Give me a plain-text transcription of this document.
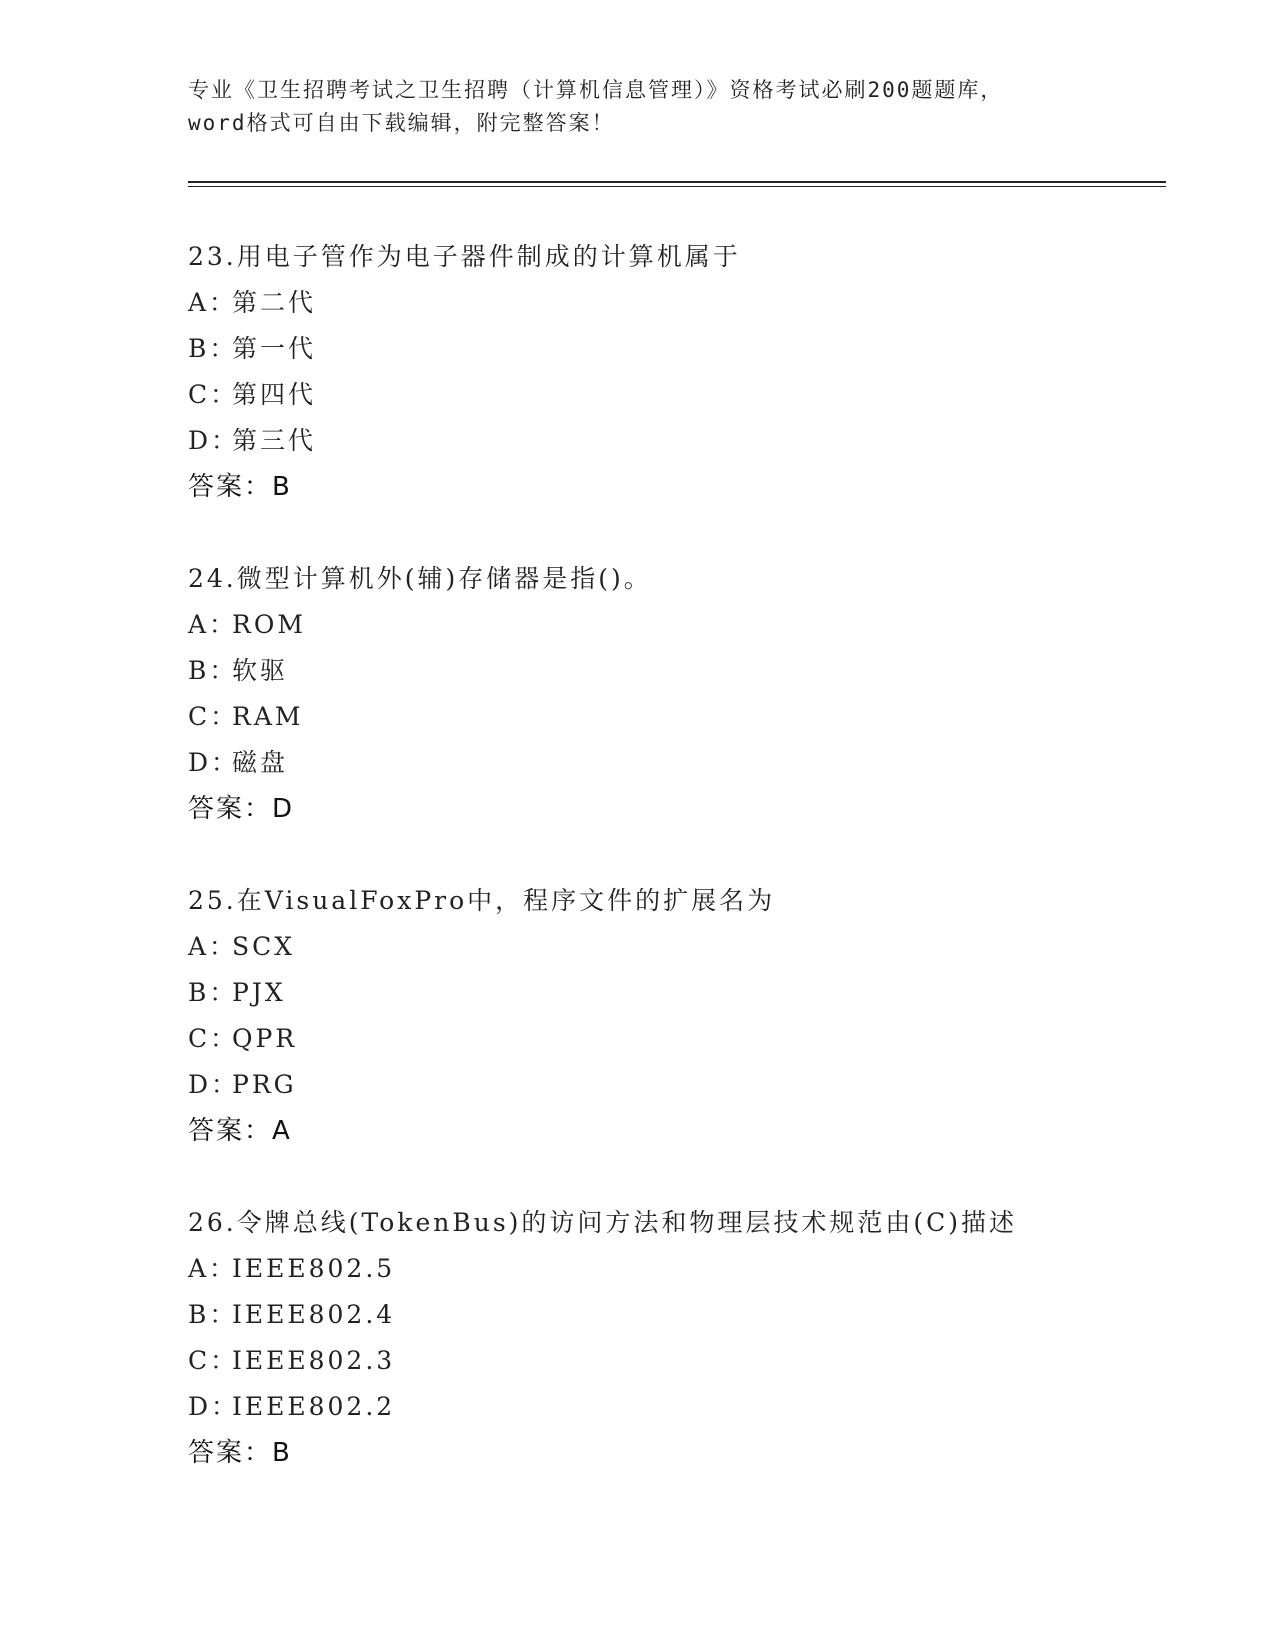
专业《卫生招聘考试之卫生招聘（计算机信息管理）》资格考试必刷200题题库，
word格式可自由下载编辑，附完整答案！
23.用电子管作为电子器件制成的计算机属于
A：第二代
B：第一代
C：第四代
D：第三代
答案：B
24.微型计算机外(辅)存储器是指()。
A：ROM
B：软驱
C：RAM
D：磁盘
答案：D
25.在VisualFoxPro中，程序文件的扩展名为
A：SCX
B：PJX
C：QPR
D：PRG
答案：A
26.令牌总线(TokenBus)的访问方法和物理层技术规范由(C)描述
A：IEEE802.5
B：IEEE802.4
C：IEEE802.3
D：IEEE802.2
答案：B
